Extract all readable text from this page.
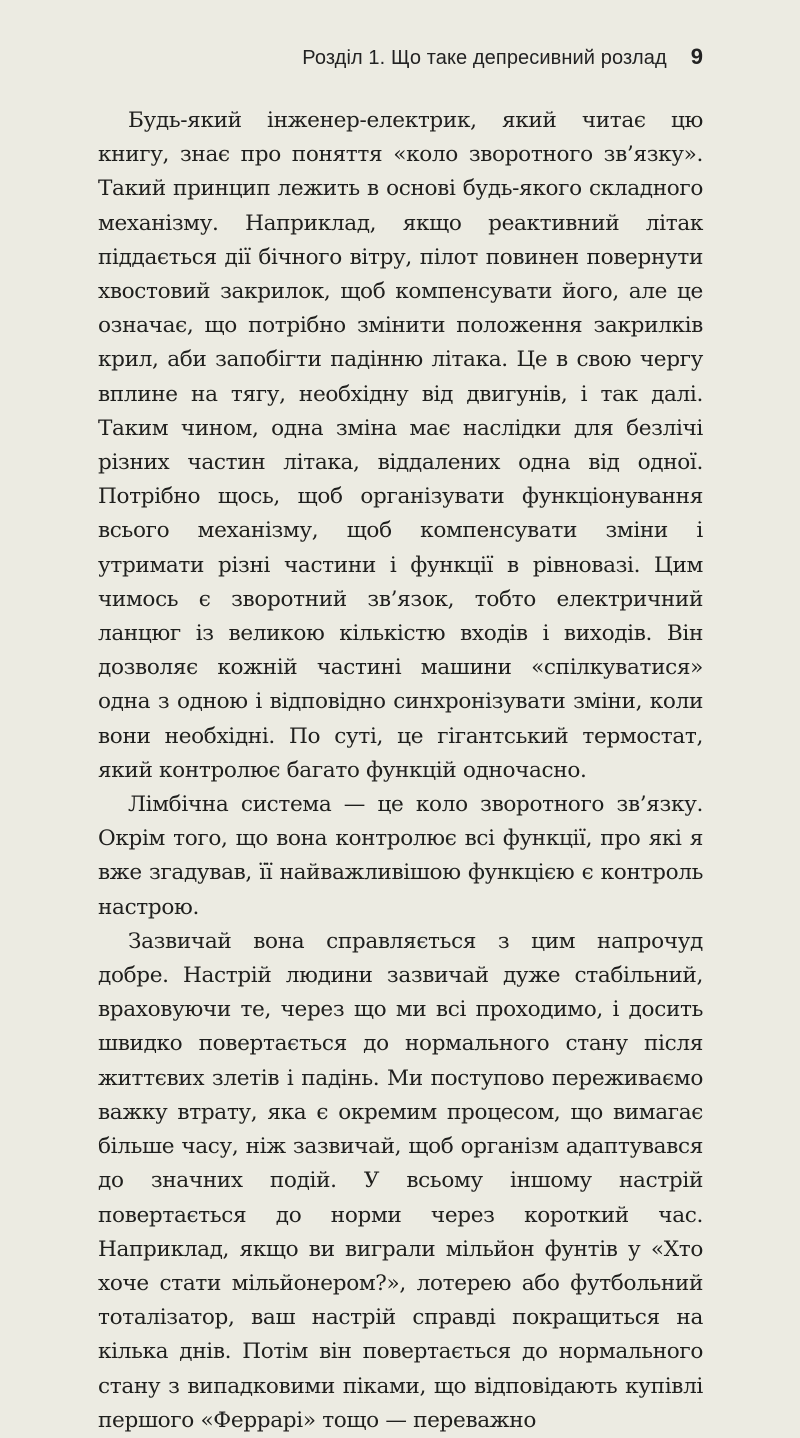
Розділ 1. Що таке депресивний розлад 9

Будь-який інженер-електрик, який читає цю книгу, знає про поняття «коло зворотного зв’язку». Такий принцип лежить в основі будь-якого складного механізму. Наприклад, якщо реактивний літак піддається дії бічного вітру, пілот повинен повернути хвостовий закрилок, щоб компенсувати його, але це означає, що потрібно змінити положення закрилків крил, аби запобігти падінню літака. Це в свою чергу вплине на тягу, необхідну від двигунів, і так далі. Таким чином, одна зміна має наслідки для безлічі різних частин літака, віддалених одна від одної. Потрібно щось, щоб організувати функціонування всього механізму, щоб компенсувати зміни і утримати різні частини і функції в рівновазі. Цим чимось є зворотний зв’язок, тобто електричний ланцюг із великою кількістю входів і виходів. Він дозволяє кожній частині машини «спілкуватися» одна з одною і відповідно синхронізувати зміни, коли вони необхідні. По суті, це гігантський термостат, який контролює багато функцій одночасно.

Лімбічна система — це коло зворотного зв’язку. Окрім того, що вона контролює всі функції, про які я вже згадував, її найважливішою функцією є контроль настрою.

Зазвичай вона справляється з цим напрочуд добре. Настрій людини зазвичай дуже стабільний, враховуючи те, через що ми всі проходимо, і досить швидко повертається до нормального стану після життєвих злетів і падінь. Ми поступово переживаємо важку втрату, яка є окремим процесом, що вимагає більше часу, ніж зазвичай, щоб організм адаптувався до значних подій. У всьому іншому настрій повертається до норми через короткий час. Наприклад, якщо ви виграли мільйон фунтів у «Хто хоче стати мільйонером?», лотерею або футбольний тоталізатор, ваш настрій справді покращиться на кілька днів. Потім він повертається до нормального стану з випадковими піками, що відповідають купівлі першого «Феррарі» тощо — переважно
